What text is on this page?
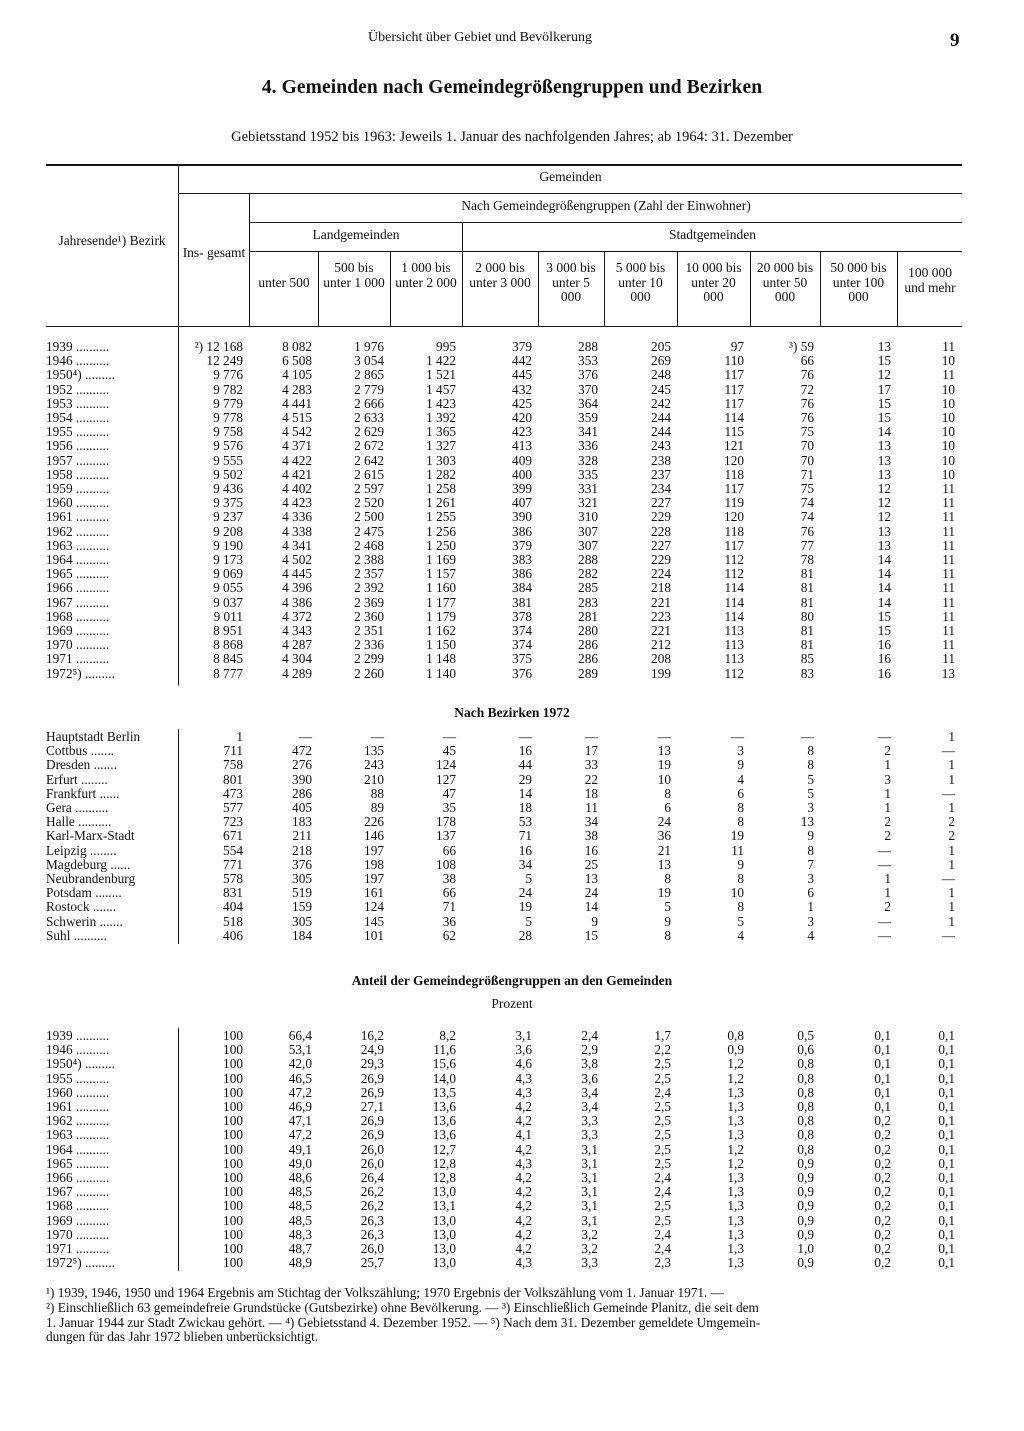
Übersicht über Gebiet und Bevölkerung	9
4. Gemeinden nach Gemeindegrößengruppen und Bezirken
Gebietsstand 1952 bis 1963: Jeweils 1. Januar des nachfolgenden Jahres; ab 1964: 31. Dezember
Jahresende¹) Bezirk
Ins- gesamt
Gemeinden
Nach Gemeindegrößengruppen (Zahl der Einwohner)
Landgemeinden	Stadtgemeinden
unter 500
500 bis unter 1 000
1 000 bis unter 2 000
2 000 bis unter 3 000
3 000 bis unter 5 000
5 000 bis unter 10 000
10 000 bis unter 20 000
20 000 bis unter 50 000
50 000 bis unter 100 000
100 000 und mehr
1939 ..........	²) 12 168	8 082	1 976	995	379	288	205	97	³) 59	13	11
1946 ..........	12 249	6 508	3 054	1 422	442	353	269	110	66	15	10
1950⁴) .........	9 776	4 105	2 865	1 521	445	376	248	117	76	12	11
1952 ..........	9 782	4 283	2 779	1 457	432	370	245	117	72	17	10
1953 ..........	9 779	4 441	2 666	1 423	425	364	242	117	76	15	10
1954 ..........	9 778	4 515	2 633	1 392	420	359	244	114	76	15	10
1955 ..........	9 758	4 542	2 629	1 365	423	341	244	115	75	14	10
1956 ..........	9 576	4 371	2 672	1 327	413	336	243	121	70	13	10
1957 ..........	9 555	4 422	2 642	1 303	409	328	238	120	70	13	10
1958 ..........	9 502	4 421	2 615	1 282	400	335	237	118	71	13	10
1959 ..........	9 436	4 402	2 597	1 258	399	331	234	117	75	12	11
1960 ..........	9 375	4 423	2 520	1 261	407	321	227	119	74	12	11
1961 ..........	9 237	4 336	2 500	1 255	390	310	229	120	74	12	11
1962 ..........	9 208	4 338	2 475	1 256	386	307	228	118	76	13	11
1963 ..........	9 190	4 341	2 468	1 250	379	307	227	117	77	13	11
1964 ..........	9 173	4 502	2 388	1 169	383	288	229	112	78	14	11
1965 ..........	9 069	4 445	2 357	1 157	386	282	224	112	81	14	11
1966 ..........	9 055	4 396	2 392	1 160	384	285	218	114	81	14	11
1967 ..........	9 037	4 386	2 369	1 177	381	283	221	114	81	14	11
1968 ..........	9 011	4 372	2 360	1 179	378	281	223	114	80	15	11
1969 ..........	8 951	4 343	2 351	1 162	374	280	221	113	81	15	11
1970 ..........	8 868	4 287	2 336	1 150	374	286	212	113	81	16	11
1971 ..........	8 845	4 304	2 299	1 148	375	286	208	113	85	16	11
1972⁵) .........	8 777	4 289	2 260	1 140	376	289	199	112	83	16	13
Nach Bezirken 1972
Hauptstadt Berlin	1	—	—	—	—	—	—	—	—	—	1
Cottbus .......	711	472	135	45	16	17	13	3	8	2	—
Dresden .......	758	276	243	124	44	33	19	9	8	1	1
Erfurt ........	801	390	210	127	29	22	10	4	5	3	1
Frankfurt ......	473	286	88	47	14	18	8	6	5	1	—
Gera ..........	577	405	89	35	18	11	6	8	3	1	1
Halle ..........	723	183	226	178	53	34	24	8	13	2	2
Karl-Marx-Stadt	671	211	146	137	71	38	36	19	9	2	2
Leipzig ........	554	218	197	66	16	16	21	11	8	—	1
Magdeburg ......	771	376	198	108	34	25	13	9	7	—	1
Neubrandenburg	578	305	197	38	5	13	8	8	3	1	—
Potsdam ........	831	519	161	66	24	24	19	10	6	1	1
Rostock .......	404	159	124	71	19	14	5	8	1	2	1
Schwerin .......	518	305	145	36	5	9	9	5	3	—	1
Suhl ..........	406	184	101	62	28	15	8	4	4	—	—
Anteil der Gemeindegrößengruppen an den Gemeinden
Prozent
1939 ..........	100	66,4	16,2	8,2	3,1	2,4	1,7	0,8	0,5	0,1	0,1
1946 ..........	100	53,1	24,9	11,6	3,6	2,9	2,2	0,9	0,6	0,1	0,1
1950⁴) .........	100	42,0	29,3	15,6	4,6	3,8	2,5	1,2	0,8	0,1	0,1
1955 ..........	100	46,5	26,9	14,0	4,3	3,6	2,5	1,2	0,8	0,1	0,1
1960 ..........	100	47,2	26,9	13,5	4,3	3,4	2,4	1,3	0,8	0,1	0,1
1961 ..........	100	46,9	27,1	13,6	4,2	3,4	2,5	1,3	0,8	0,1	0,1
1962 ..........	100	47,1	26,9	13,6	4,2	3,3	2,5	1,3	0,8	0,2	0,1
1963 ..........	100	47,2	26,9	13,6	4,1	3,3	2,5	1,3	0,8	0,2	0,1
1964 ..........	100	49,1	26,0	12,7	4,2	3,1	2,5	1,2	0,8	0,2	0,1
1965 ..........	100	49,0	26,0	12,8	4,3	3,1	2,5	1,2	0,9	0,2	0,1
1966 ..........	100	48,6	26,4	12,8	4,2	3,1	2,4	1,3	0,9	0,2	0,1
1967 ..........	100	48,5	26,2	13,0	4,2	3,1	2,4	1,3	0,9	0,2	0,1
1968 ..........	100	48,5	26,2	13,1	4,2	3,1	2,5	1,3	0,9	0,2	0,1
1969 ..........	100	48,5	26,3	13,0	4,2	3,1	2,5	1,3	0,9	0,2	0,1
1970 ..........	100	48,3	26,3	13,0	4,2	3,2	2,4	1,3	0,9	0,2	0,1
1971 ..........	100	48,7	26,0	13,0	4,2	3,2	2,4	1,3	1,0	0,2	0,1
1972⁵) .........	100	48,9	25,7	13,0	4,3	3,3	2,3	1,3	0,9	0,2	0,1
¹) 1939, 1946, 1950 und 1964 Ergebnis am Stichtag der Volkszählung; 1970 Ergebnis der Volkszählung vom 1. Januar 1971. —
²) Einschließlich 63 gemeindefreie Grundstücke (Gutsbezirke) ohne Bevölkerung. — ³) Einschließlich Gemeinde Planitz, die seit dem
1. Januar 1944 zur Stadt Zwickau gehört. — ⁴) Gebietsstand 4. Dezember 1952. — ⁵) Nach dem 31. Dezember gemeldete Umgemein-
dungen für das Jahr 1972 blieben unberücksichtigt.
